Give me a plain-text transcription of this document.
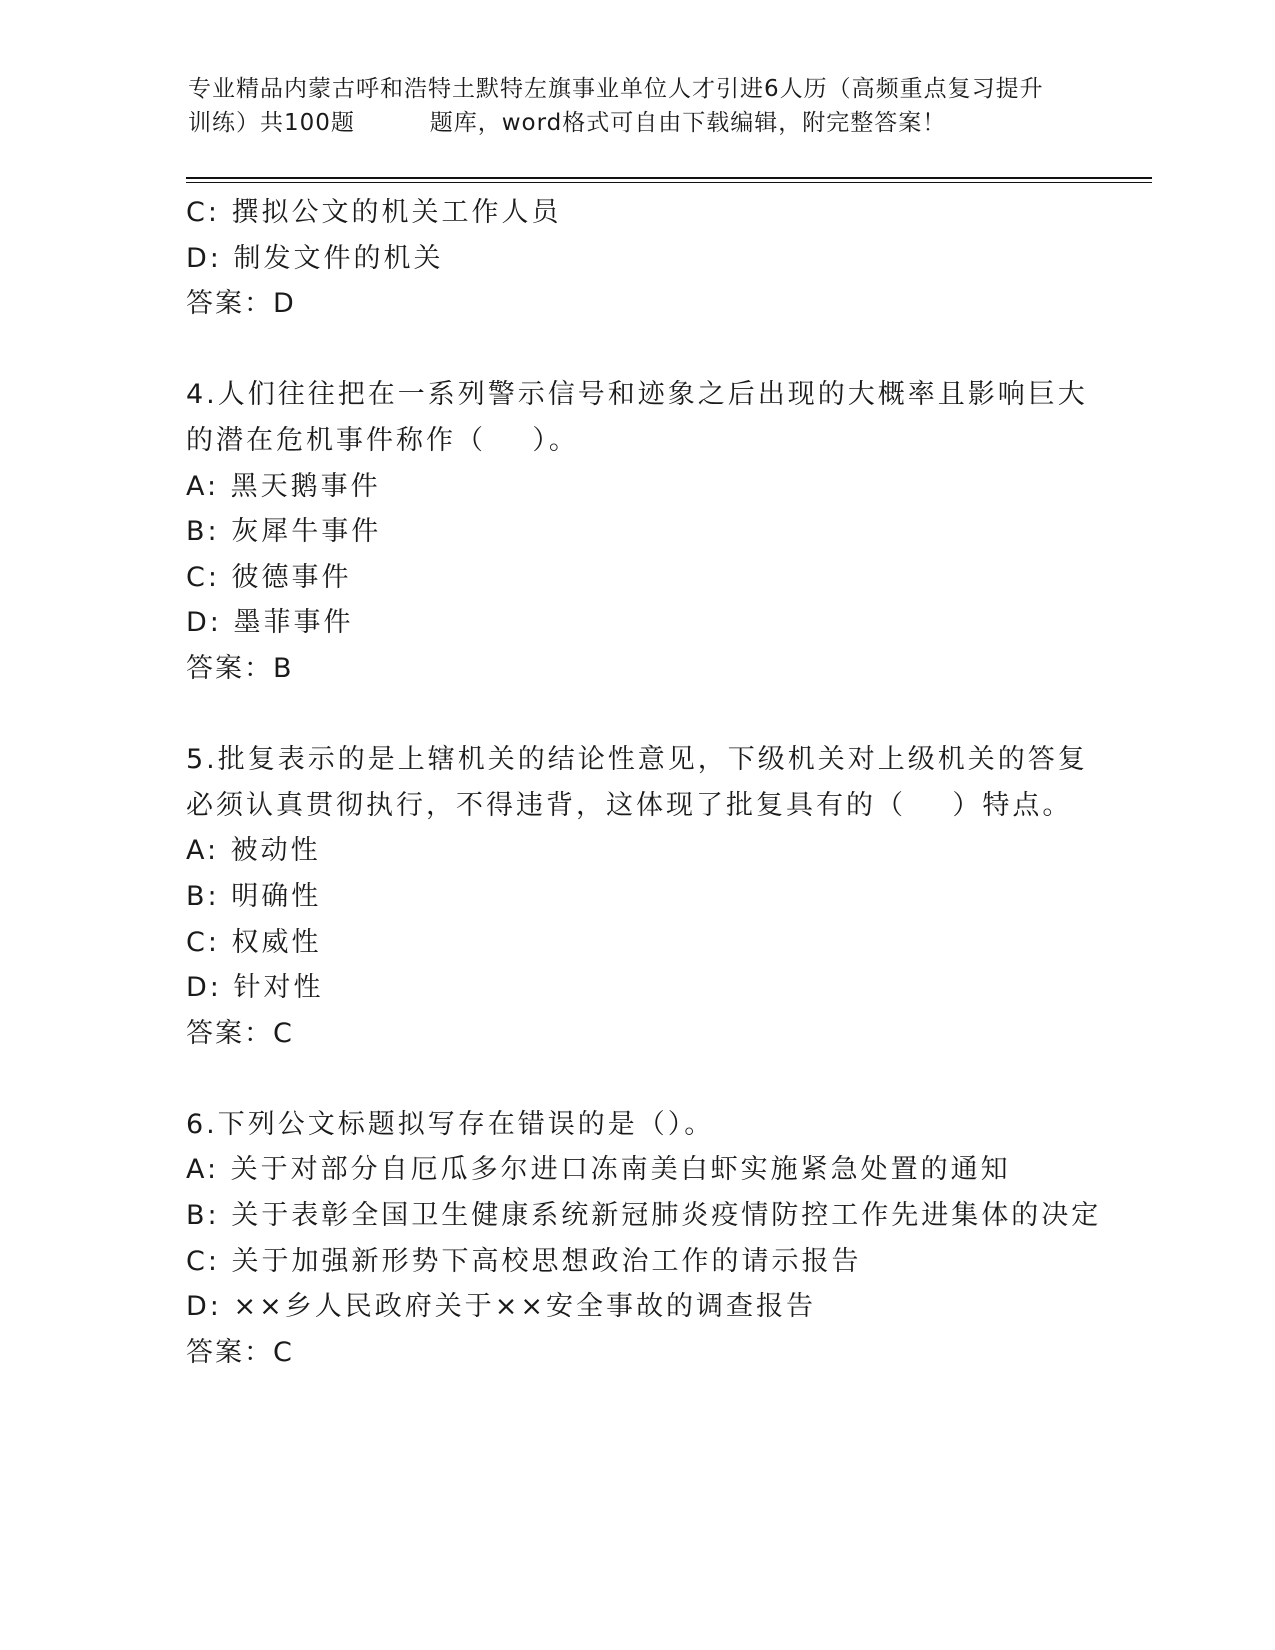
专业精品内蒙古呼和浩特土默特左旗事业单位人才引进6人历（高频重点复习提升
训练）共100题         题库，word格式可自由下载编辑，附完整答案！
C: 撰拟公文的机关工作人员
D: 制发文件的机关
答案：D
4.人们往往把在一系列警示信号和迹象之后出现的大概率且影响巨大
的潜在危机事件称作（    ）。
A: 黑天鹅事件
B: 灰犀牛事件
C: 彼德事件
D: 墨菲事件
答案：B
5.批复表示的是上辖机关的结论性意见，下级机关对上级机关的答复
必须认真贯彻执行，不得违背，这体现了批复具有的（    ）特点。
A: 被动性
B: 明确性
C: 权威性
D: 针对性
答案：C
6.下列公文标题拟写存在错误的是（）。
A: 关于对部分自厄瓜多尔进口冻南美白虾实施紧急处置的通知
B: 关于表彰全国卫生健康系统新冠肺炎疫情防控工作先进集体的决定
C: 关于加强新形势下高校思想政治工作的请示报告
D: ××乡人民政府关于××安全事故的调查报告
答案：C
